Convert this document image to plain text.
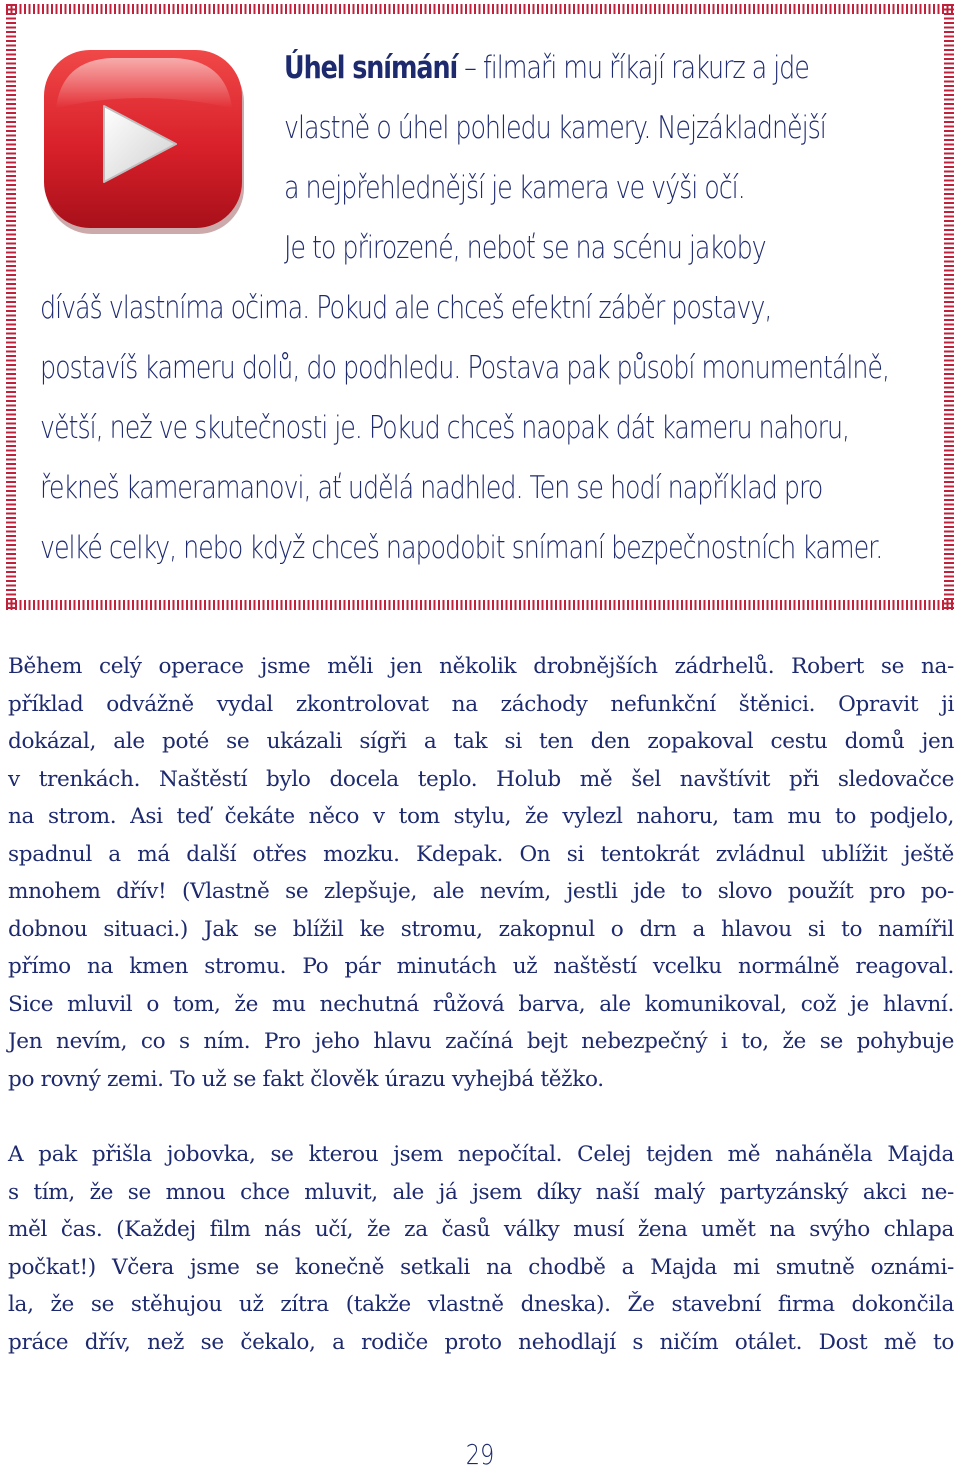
Úhel snímání – filmaři mu říkají rakurz a jde
vlastně o úhel pohledu kamery. Nejzákladnější
a nejpřehlednější je kamera ve výši očí.
Je to přirozené, neboť se na scénu jakoby
díváš vlastníma očima. Pokud ale chceš efektní záběr postavy,
postavíš kameru dolů, do podhledu. Postava pak působí monumentálně,
větší, než ve skutečnosti je. Pokud chceš naopak dát kameru nahoru,
řekneš kameramanovi, ať udělá nadhled. Ten se hodí například pro
velké celky, nebo když chceš napodobit snímaní bezpečnostních kamer.
Během celý operace jsme měli jen několik drobnějších zádrhelů. Robert se na-
příklad odvážně vydal zkontrolovat na záchody nefunkční štěnici. Opravit ji
dokázal, ale poté se ukázali sígři a tak si ten den zopakoval cestu domů jen
v trenkách. Naštěstí bylo docela teplo. Holub mě šel navštívit při sledovačce
na strom. Asi teď čekáte něco v tom stylu, že vylezl nahoru, tam mu to podjelo,
spadnul a má další otřes mozku. Kdepak. On si tentokrát zvládnul ublížit ještě
mnohem dřív! (Vlastně se zlepšuje, ale nevím, jestli jde to slovo použít pro po-
dobnou situaci.) Jak se blížil ke stromu, zakopnul o drn a hlavou si to namířil
přímo na kmen stromu. Po pár minutách už naštěstí vcelku normálně reagoval.
Sice mluvil o tom, že mu nechutná růžová barva, ale komunikoval, což je hlavní.
Jen nevím, co s ním. Pro jeho hlavu začíná bejt nebezpečný i to, že se pohybuje
po rovný zemi. To už se fakt člověk úrazu vyhejbá těžko.
A pak přišla jobovka, se kterou jsem nepočítal. Celej tejden mě naháněla Majda
s tím, že se mnou chce mluvit, ale já jsem díky naší malý partyzánský akci ne-
měl čas. (Každej film nás učí, že za časů války musí žena umět na svýho chlapa
počkat!) Včera jsme se konečně setkali na chodbě a Majda mi smutně oznámi-
la, že se stěhujou už zítra (takže vlastně dneska). Že stavební firma dokončila
práce dřív, než se čekalo, a rodiče proto nehodlají s ničím otálet. Dost mě to
29
